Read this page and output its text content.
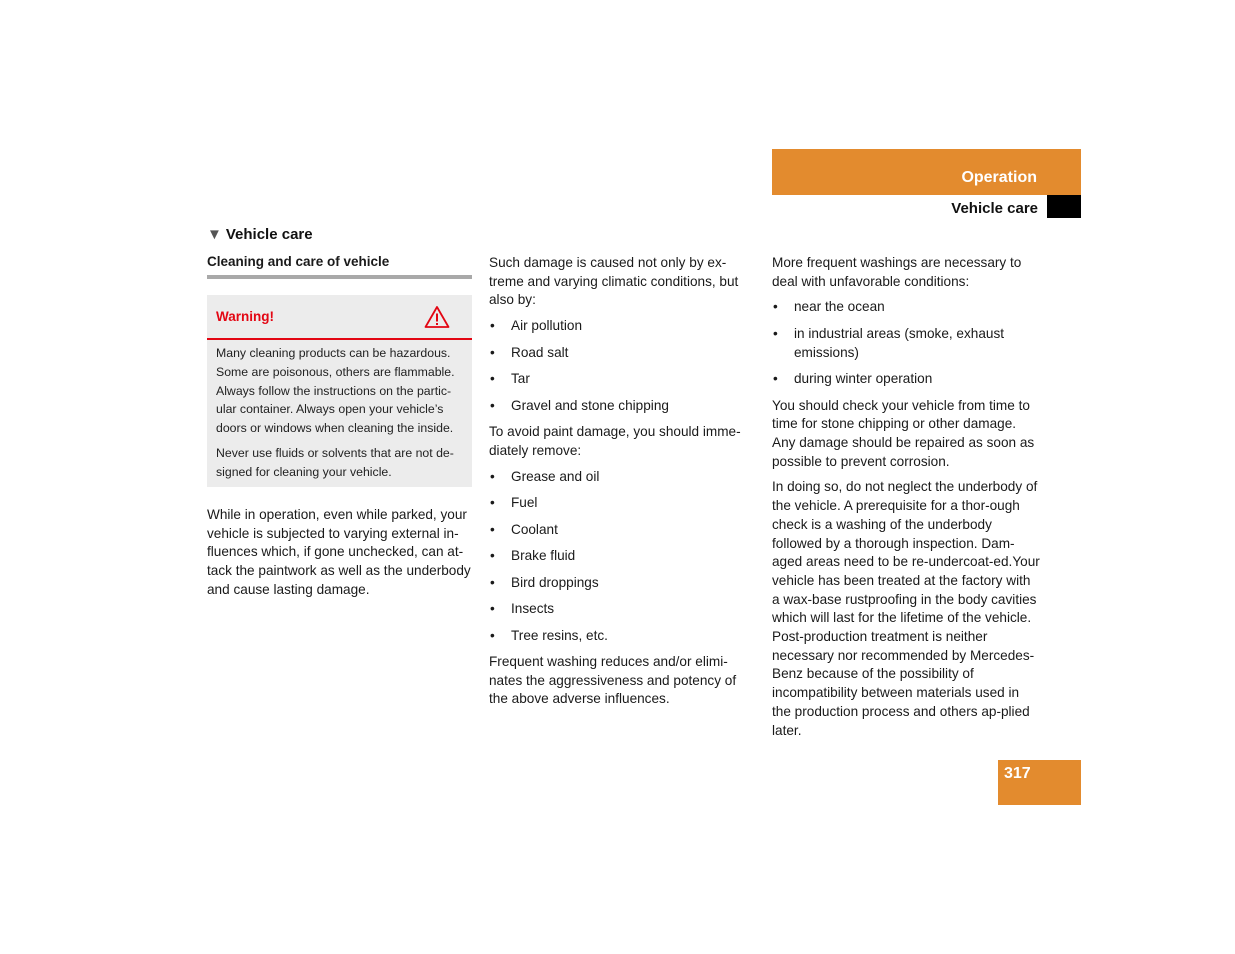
Operation
Vehicle care
▼ Vehicle care
Cleaning and care of vehicle
Warning!

Many cleaning products can be hazardous. Some are poisonous, others are flammable. Always follow the instructions on the partic-ular container. Always open your vehicle’s doors or windows when cleaning the inside.

Never use fluids or solvents that are not de-signed for cleaning your vehicle.

While in operation, even while parked, your vehicle is subjected to varying external in-fluences which, if gone unchecked, can at-tack the paintwork as well as the underbody and cause lasting damage.

Such damage is caused not only by ex-treme and varying climatic conditions, but also by:

• Air pollution
• Road salt
• Tar
• Gravel and stone chipping

To avoid paint damage, you should imme-diately remove:

• Grease and oil
• Fuel
• Coolant
• Brake fluid
• Bird droppings
• Insects
• Tree resins, etc.

Frequent washing reduces and/or elimi-nates the aggressiveness and potency of the above adverse influences.

More frequent washings are necessary to deal with unfavorable conditions:

• near the ocean
• in industrial areas (smoke, exhaust emissions)
• during winter operation

You should check your vehicle from time to time for stone chipping or other damage. Any damage should be repaired as soon as possible to prevent corrosion.

In doing so, do not neglect the underbody of the vehicle. A prerequisite for a thor-ough check is a washing of the underbody followed by a thorough inspection. Dam-aged areas need to be re-undercoat-ed.Your vehicle has been treated at the factory with a wax-base rustproofing in the body cavities which will last for the lifetime of the vehicle. Post-production treatment is neither necessary nor recommended by Mercedes-Benz because of the possibility of incompatibility between materials used in the production process and others ap-plied later.

317
